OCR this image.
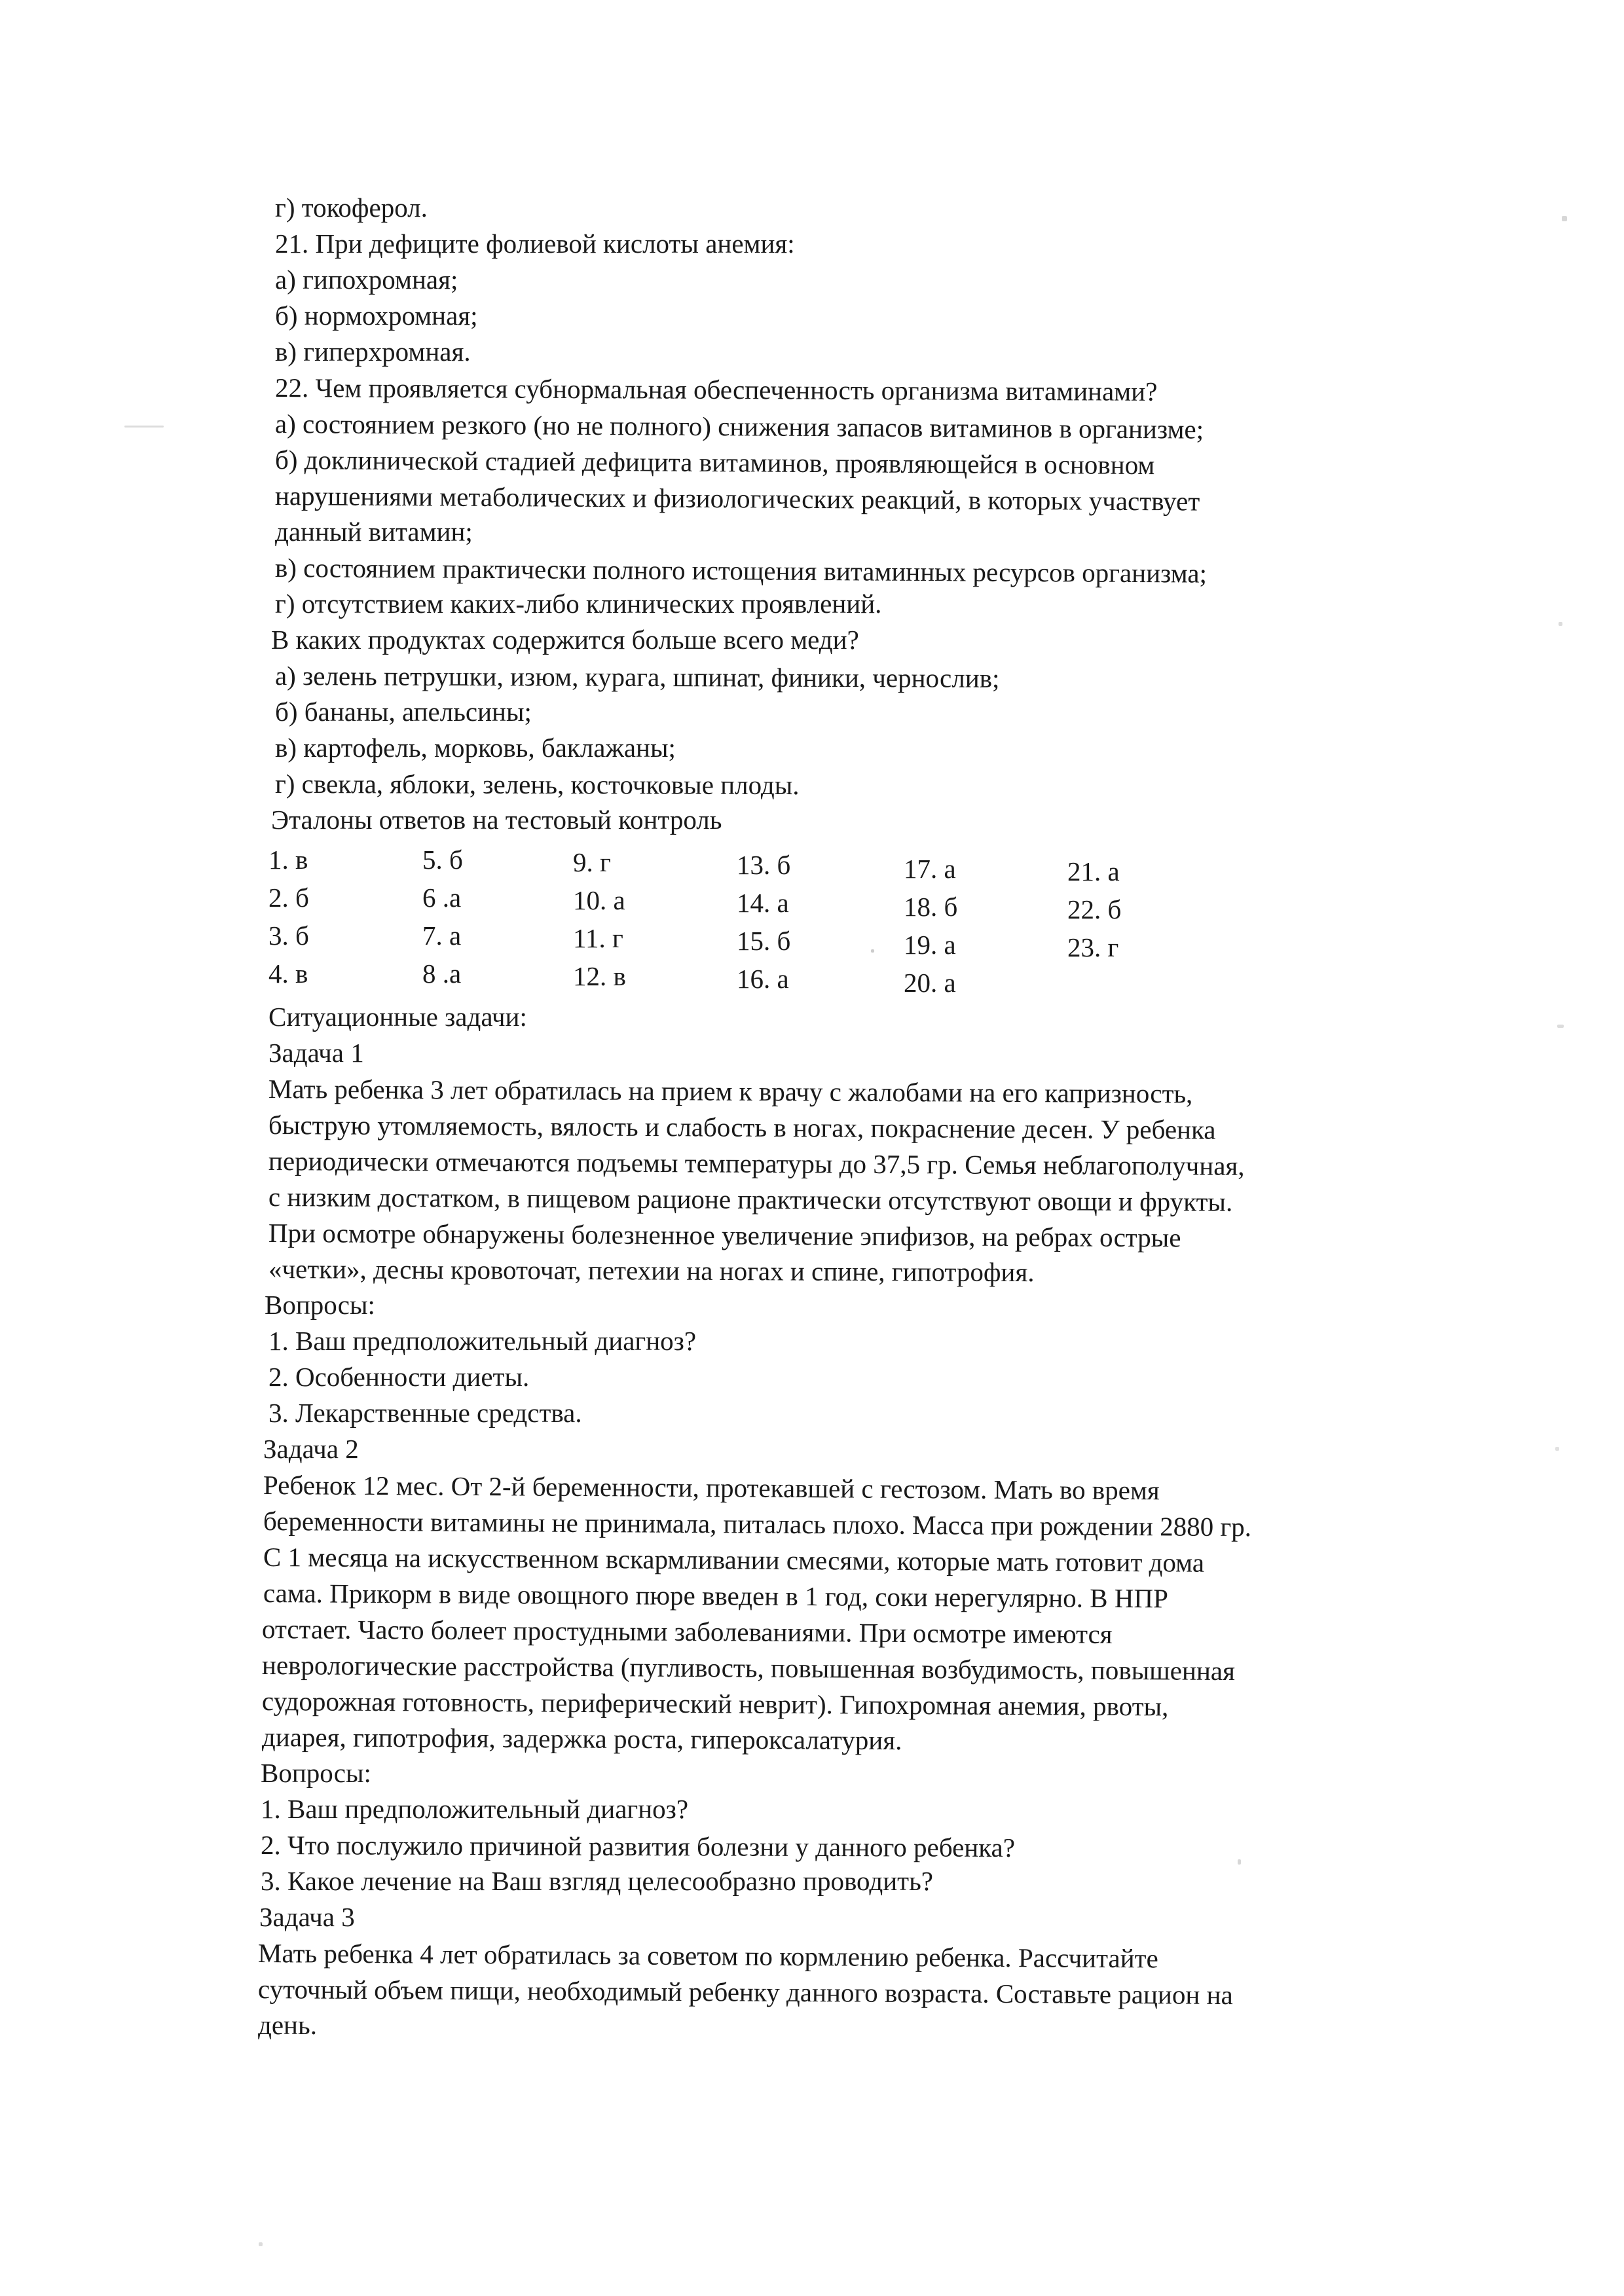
г) токоферол.
21. При дефиците фолиевой кислоты анемия:
а) гипохромная;
б) нормохромная;
в) гиперхромная.
22. Чем проявляется субнормальная обеспеченность организма витаминами?
а) состоянием резкого (но не полного) снижения запасов витаминов в организме;
б) доклинической стадией дефицита витаминов, проявляющейся в основном
нарушениями метаболических и физиологических реакций, в которых участвует
данный витамин;
в) состоянием практически полного истощения витаминных ресурсов организма;
г) отсутствием каких-либо клинических проявлений.
В каких продуктах содержится больше всего меди?
а) зелень петрушки, изюм, курага, шпинат, финики, чернослив;
б) бананы, апельсины;
в) картофель, морковь, баклажаны;
г) свекла, яблоки, зелень, косточковые плоды.
Эталоны ответов на тестовый контроль
1. в
2. б
3. б
4. в
5. б
6 .а
7. а
8 .а
9. г
10. а
11. г
12. в
13. б
14. а
15. б
16. а
17. а
18. б
19. а
20. а
21. а
22. б
23. г
Ситуационные задачи:
Задача 1
Мать ребенка 3 лет обратилась на прием к врачу с жалобами на его капризность,
быструю утомляемость, вялость и слабость в ногах, покраснение десен. У ребенка
периодически отмечаются подъемы температуры до 37,5 гр. Семья неблагополучная,
с низким достатком, в пищевом рационе практически отсутствуют овощи и фрукты.
При осмотре обнаружены болезненное увеличение эпифизов, на ребрах острые
«четки», десны кровоточат, петехии на ногах и спине, гипотрофия.
Вопросы:
1. Ваш предположительный диагноз?
2. Особенности диеты.
3. Лекарственные средства.
Задача 2
Ребенок 12 мес. От 2-й беременности, протекавшей с гестозом. Мать во время
беременности витамины не принимала, питалась плохо. Масса при рождении 2880 гр.
С 1 месяца на искусственном вскармливании смесями, которые мать готовит дома
сама. Прикорм в виде овощного пюре введен в 1 год, соки нерегулярно. В НПР
отстает. Часто болеет простудными заболеваниями. При осмотре имеются
неврологические расстройства (пугливость, повышенная возбудимость, повышенная
судорожная готовность, периферический неврит). Гипохромная анемия, рвоты,
диарея, гипотрофия, задержка роста, гипероксалатурия.
Вопросы:
1. Ваш предположительный диагноз?
2. Что послужило причиной развития болезни у данного ребенка?
3. Какое лечение на Ваш взгляд целесообразно проводить?
Задача 3
Мать ребенка 4 лет обратилась за советом по кормлению ребенка. Рассчитайте
суточный объем пищи, необходимый ребенку данного возраста. Составьте рацион на
день.
